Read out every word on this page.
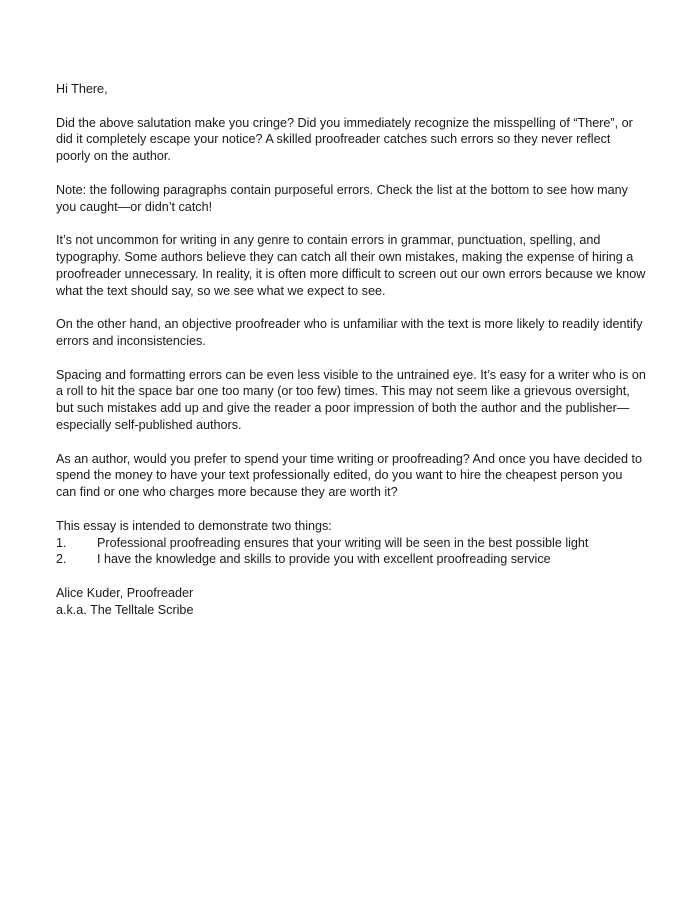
Hi There,

Did the above salutation make you cringe? Did you immediately recognize the misspelling of “There”, or did it completely escape your notice? A skilled proofreader catches such errors so they never reflect poorly on the author.

Note: the following paragraphs contain purposeful errors. Check the list at the bottom to see how many you caught—or didn’t catch!

It’s not uncommon for writing in any genre to contain errors in grammar, punctuation, spelling, and typography. Some authors believe they can catch all their own mistakes, making the expense of hiring a proofreader unnecessary. In reality, it is often more difficult to screen out our own errors because we know what the text should say, so we see what we expect to see.

On the other hand, an objective proofreader who is unfamiliar with the text is more likely to readily identify errors and inconsistencies.

Spacing and formatting errors can be even less visible to the untrained eye. It’s easy for a writer who is on a roll to hit the space bar one too many (or too few) times. This may not seem like a grievous oversight, but such mistakes add up and give the reader a poor impression of both the author and the publisher—especially self-published authors.

As an author, would you prefer to spend your time writing or proofreading? And once you have decided to spend the money to have your text professionally edited, do you want to hire the cheapest person you can find or one who charges more because they are worth it?

This essay is intended to demonstrate two things:
1.	Professional proofreading ensures that your writing will be seen in the best possible light
2.	I have the knowledge and skills to provide you with excellent proofreading service
Alice Kuder, Proofreader
a.k.a. The Telltale Scribe
